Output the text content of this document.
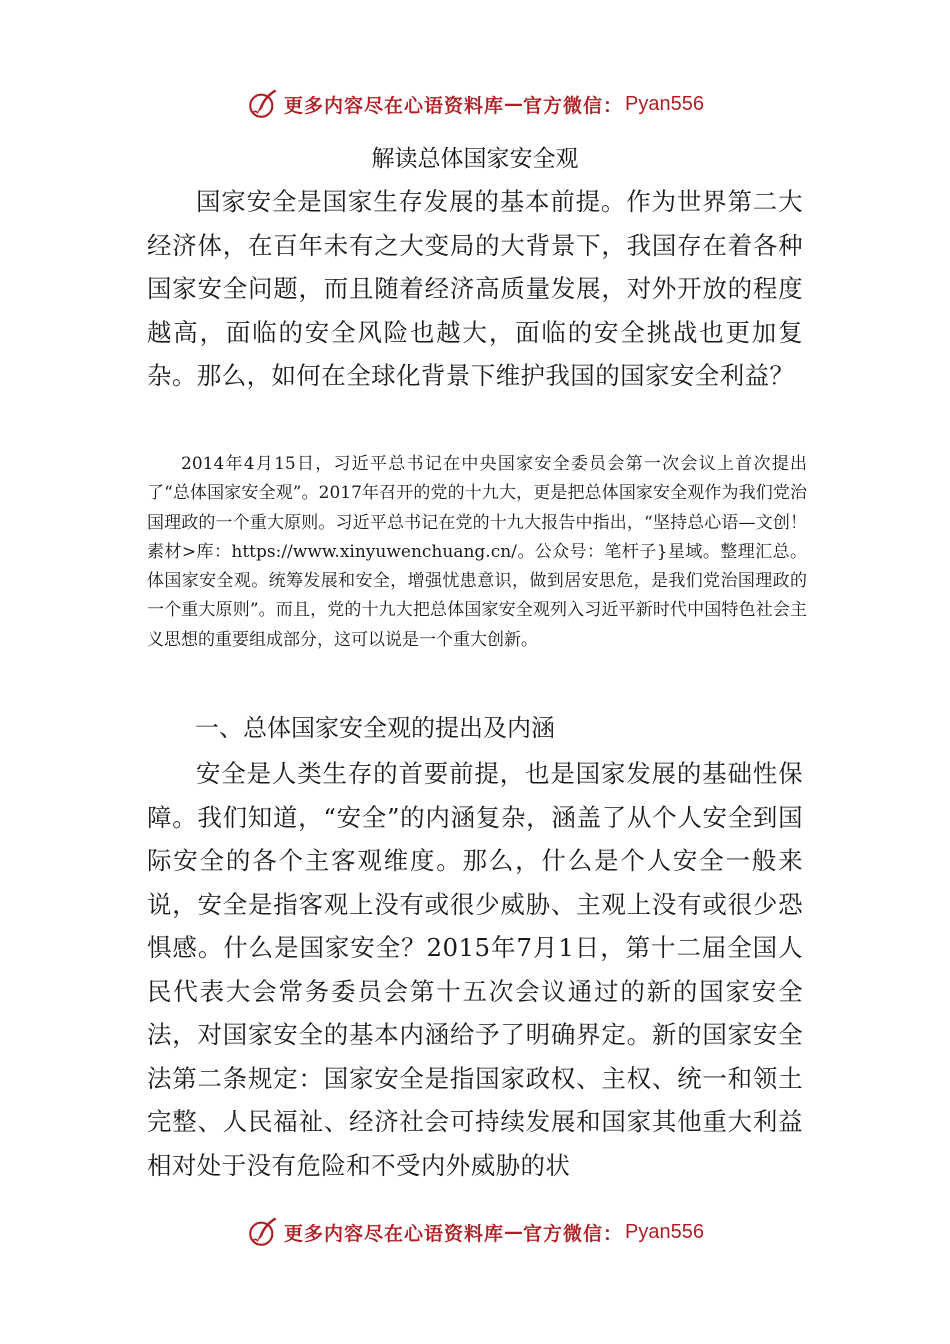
更多内容尽在心语资料库 — 官方微信： Pyan556
解读总体国家安全观

国家安全是国家生存发展的基本前提。作为世界第二大经济体，在百年未有之大变局的大背景下，我国存在着各种国家安全问题，而且随着经济高质量发展，对外开放的程度越高，面临的安全风险也越大，面临的安全挑战也更加复杂。那么，如何在全球化背景下维护我国的国家安全利益？

2014年4月15日，习近平总书记在中央国家安全委员会第一次会议上首次提出了“总体国家安全观”。2017年召开的党的十九大，更是把总体国家安全观作为我们党治国理政的一个重大原则。习近平总书记在党的十九大报告中指出，“坚持总心语—文创！素材>库：https://www.xinyuwenchuang.cn/。公众号：笔杆子}星域。整理汇总。体国家安全观。统筹发展和安全，增强忧患意识，做到居安思危，是我们党治国理政的一个重大原则”。而且，党的十九大把总体国家安全观列入习近平新时代中国特色社会主义思想的重要组成部分，这可以说是一个重大创新。

一、总体国家安全观的提出及内涵

安全是人类生存的首要前提，也是国家发展的基础性保障。我们知道，“安全”的内涵复杂，涵盖了从个人安全到国际安全的各个主客观维度。那么，什么是个人安全一般来说，安全是指客观上没有或很少威胁、主观上没有或很少恐惧感。什么是国家安全？2015年7月1日，第十二届全国人民代表大会常务委员会第十五次会议通过的新的国家安全法，对国家安全的基本内涵给予了明确界定。新的国家安全法第二条规定：国家安全是指国家政权、主权、统一和领土完整、人民福祉、经济社会可持续发展和国家其他重大利益相对处于没有危险和不受内外威胁的状

更多内容尽在心语资料库 — 官方微信： Pyan556
